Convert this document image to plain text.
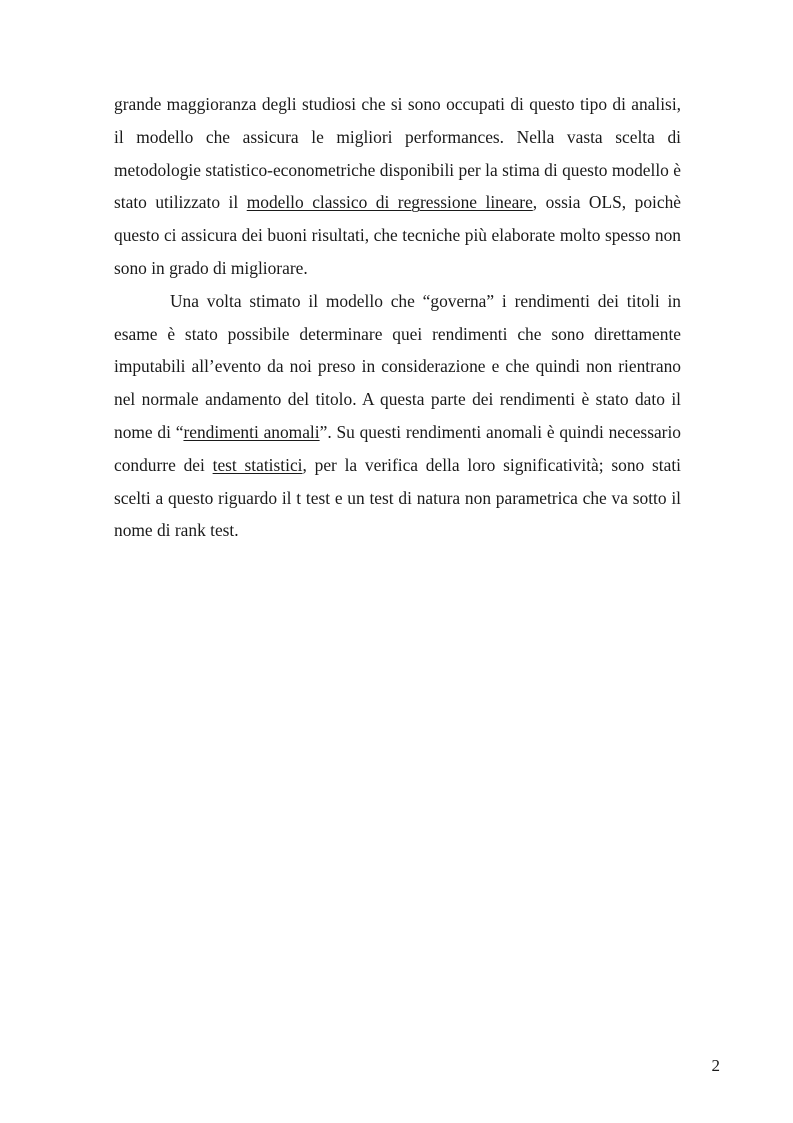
grande maggioranza degli studiosi che si sono occupati di questo tipo di analisi, il modello che assicura le migliori performances. Nella vasta scelta di metodologie statistico-econometriche disponibili per la stima di questo modello è stato utilizzato il modello classico di regressione lineare, ossia OLS, poichè questo ci assicura dei buoni risultati, che tecniche più elaborate molto spesso non sono in grado di migliorare.

Una volta stimato il modello che “governa” i rendimenti dei titoli in esame è stato possibile determinare quei rendimenti che sono direttamente imputabili all’evento da noi preso in considerazione e che quindi non rientrano nel normale andamento del titolo. A questa parte dei rendimenti è stato dato il nome di “rendimenti anomali”. Su questi rendimenti anomali è quindi necessario condurre dei test statistici, per la verifica della loro significatività; sono stati scelti a questo riguardo il t test e un test di natura non parametrica che va sotto il nome di rank test.

2
